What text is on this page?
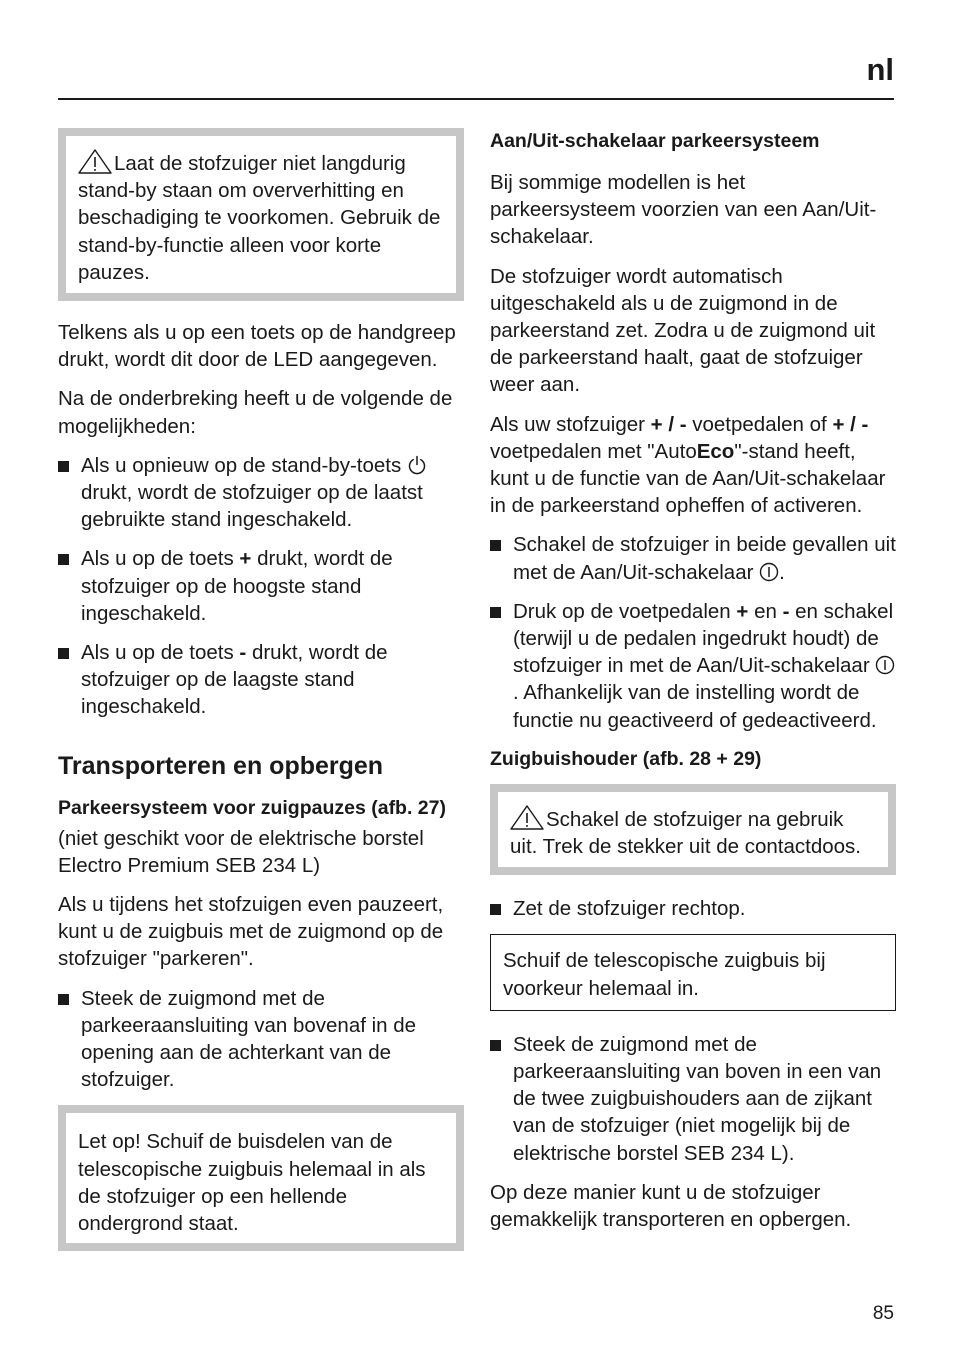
nl

Laat de stofzuiger niet langdurig stand-by staan om oververhitting en beschadiging te voorkomen. Gebruik de stand-by-functie alleen voor korte pauzes.

Telkens als u op een toets op de handgreep drukt, wordt dit door de LED aangegeven.

Na de onderbreking heeft u de volgende de mogelijkheden:

Als u opnieuw op de stand-by-toets drukt, wordt de stofzuiger op de laatst gebruikte stand ingeschakeld.
Als u op de toets + drukt, wordt de stofzuiger op de hoogste stand ingeschakeld.
Als u op de toets - drukt, wordt de stofzuiger op de laagste stand ingeschakeld.
Transporteren en opbergen
Parkeersysteem voor zuigpauzes (afb. 27)

(niet geschikt voor de elektrische borstel Electro Premium SEB 234 L)

Als u tijdens het stofzuigen even pauzeert, kunt u de zuigbuis met de zuigmond op de stofzuiger "parkeren".

Steek de zuigmond met de parkeeraansluiting van bovenaf in de opening aan de achterkant van de stofzuiger.

Let op! Schuif de buisdelen van de telescopische zuigbuis helemaal in als de stofzuiger op een hellende ondergrond staat.

Aan/Uit-schakelaar parkeersysteem

Bij sommige modellen is het parkeersysteem voorzien van een Aan/Uit-schakelaar.

De stofzuiger wordt automatisch uitgeschakeld als u de zuigmond in de parkeerstand zet. Zodra u de zuigmond uit de parkeerstand haalt, gaat de stofzuiger weer aan.

Als uw stofzuiger + / - voetpedalen of + / - voetpedalen met "AutoEco"-stand heeft, kunt u de functie van de Aan/Uit-schakelaar in de parkeerstand opheffen of activeren.

Schakel de stofzuiger in beide gevallen uit met de Aan/Uit-schakelaar .
Druk op de voetpedalen + en - en schakel (terwijl u de pedalen ingedrukt houdt) de stofzuiger in met de Aan/Uit-schakelaar . Afhankelijk van de instelling wordt de functie nu geactiveerd of gedeactiveerd.
Zuigbuishouder (afb. 28 + 29)

Schakel de stofzuiger na gebruik uit. Trek de stekker uit de contactdoos.

Zet de stofzuiger rechtop.

Schuif de telescopische zuigbuis bij voorkeur helemaal in.

Steek de zuigmond met de parkeeraansluiting van boven in een van de twee zuigbuishouders aan de zijkant van de stofzuiger (niet mogelijk bij de elektrische borstel SEB 234 L).

Op deze manier kunt u de stofzuiger gemakkelijk transporteren en opbergen.

85
